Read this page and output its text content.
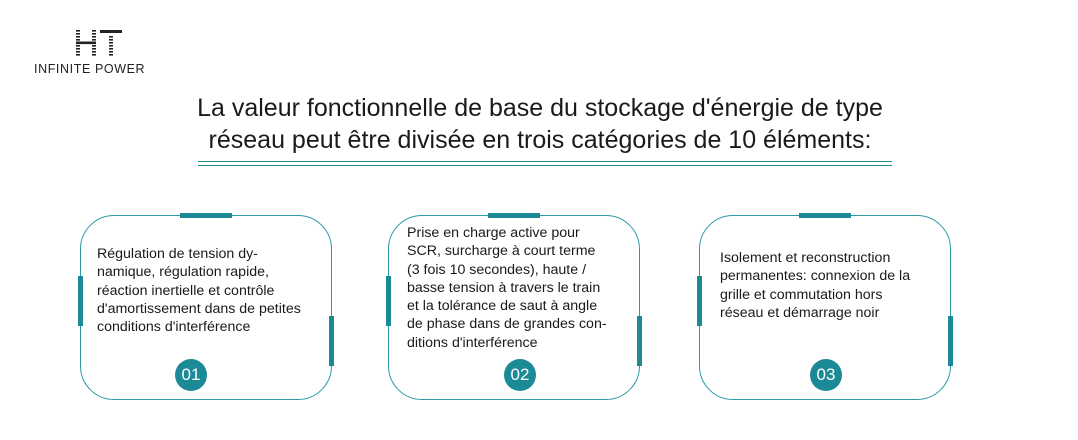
INFINITE POWER
La valeur fonctionnelle de base du stockage d'énergie de type
réseau peut être divisée en trois catégories de 10 éléments:

Régulation de tension dy-
namique, régulation rapide,
réaction inertielle et contrôle
d'amortissement dans de petites
conditions d'interférence

01

Prise en charge active pour
SCR, surcharge à court terme
(3 fois 10 secondes), haute /
basse tension à travers le train
et la tolérance de saut à angle
de phase dans de grandes con-
ditions d'interférence

02

Isolement et reconstruction
permanentes: connexion de la
grille et commutation hors
réseau et démarrage noir

03
